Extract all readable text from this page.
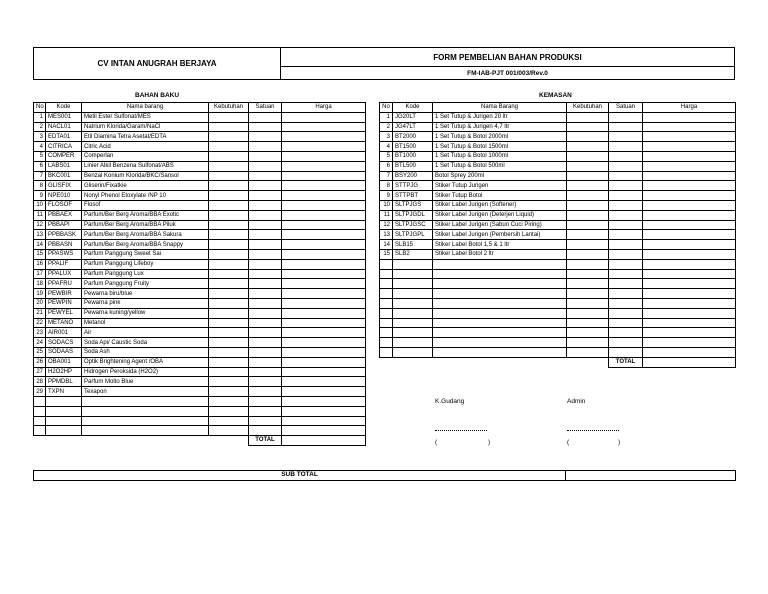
CV INTAN ANUGRAH BERJAYA
FORM PEMBELIAN BAHAN PRODUKSI
FM-IAB-PJT 001/003/Rev.0
BAHAN BAKU	KEMASAN
No	Kode	Nama barang	Kebutuhan	Satuan	Harga
1	MES001	Metil Ester Sulfonat/MES			
2	NACL01	Natrium Klorida/Garam/NaCl			
3	EDTA01	Etil Diamina Tetra Asetat/EDTA			
4	CITRICA	Citric Acid			
5	COMPER	Comperlan			
6	LABS01	Linier Alkil Benzena Sulfonat/ABS			
7	BKC001	Benzal Konium Klorida/BKC/Sansol			
8	GLISFIX	Gliserin/Fixatkie			
9	NPE010	Nonyl Phenol Etoxylate /NP 10			
10	FLOSOF	Flosof			
11	PBBAEX	Parfum/Ber Berg Aroma/BBA Exotic			
12	PBBAPI	Parfum/Ber Berg Aroma/BBA Piluk			
13	PPBBASK	Parfum/Ber Berg Aroma/BBA Sakura			
14	PBBASN	Parfum/Ber Berg Aroma/BBA Snappy			
15	PPASWS	Parfum Panggung Sweet Sai			
16	PPALIF	Parfum Panggung Lifeboy			
17	PPALUX	Parfum Panggung Lux			
18	PPAFRU	Parfum Panggung Fruity			
19	PEWBIR	Pewarna biru/blue			
20	PEWPIN	Pewarna pink			
21	PEWYEL	Pewarna kuning/yellow			
22	METANO	Metanol			
23	AIR001	Air			
24	SODACS	Soda Api/ Caustic Soda			
25	SODAAS	Soda Ash			
26	OBA001	Optik Brightening Agent /OBA			
27	H2O2HP	Hidrogen Peroksida (H2O2)			
28	PPMDBL	Parfum Molto Blue			
29	TXPN	Texapon			

				TOTAL	
No	Kode	Nama Barang	Kebutuhan	Satuan	Harga
1	JG20LT	1 Set Tutup & Jurigen 20 ltr			
2	JG47LT	1 Set Tutup & Jurigen 4,7 ltr			
3	BT2000	1 Set Tutup & Botol 2000ml			
4	BT1500	1 Set Tutup & Botol 1500ml			
5	BT1000	1 Set Tutup & Botol 1000ml			
6	BTL500	1 Set Tutup & Botol 500ml			
7	BSY200	Botol Sprey 200ml			
8	STTPJG	Stiker Tutup Jurigen			
9	STTPBT	Stiker Tutup Botol			
10	SLTPJGS	Stiker Label Jurigen (Softener)			
11	SLTPJGDL	Stiker Label Jurigen (Deterjen Liquid)			
12	SLTPJGSC	Stiker Label Jurigen (Sabun Cuci Piring)			
13	SLTPJGPL	Stiker Label Jurigen (Pembersih Lantai)			
14	SLB15	Stiker Label Botol 1,5 & 1 ltr			
15	SLB2	Stiker Label Botol 2 ltr			

				TOTAL	
K.Gudang	Admin
(	)	(	)
SUB TOTAL	
